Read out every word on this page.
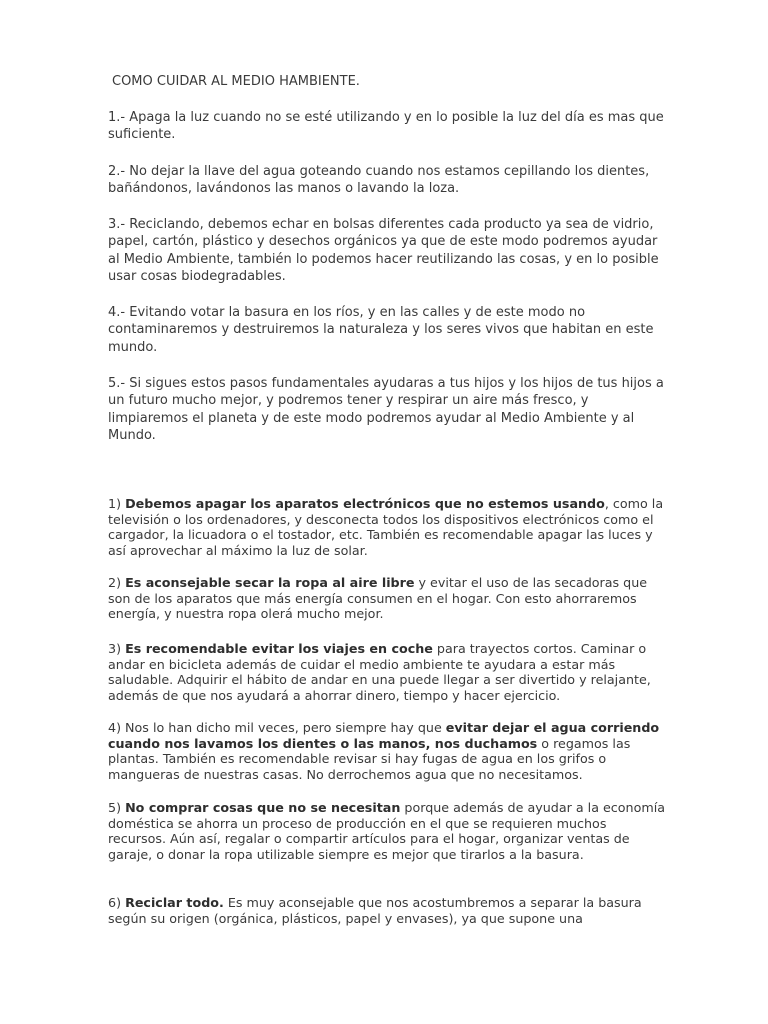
COMO CUIDAR AL MEDIO HAMBIENTE.

1.- Apaga la luz cuando no se esté utilizando y en lo posible la luz del día es mas que suficiente.

2.- No dejar la llave del agua goteando cuando nos estamos cepillando los dientes, bañándonos, lavándonos las manos o lavando la loza.

3.- Reciclando, debemos echar en bolsas diferentes cada producto ya sea de vidrio, papel, cartón, plástico y desechos orgánicos ya que de este modo podremos ayudar al Medio Ambiente, también lo podemos hacer reutilizando las cosas, y en lo posible usar cosas biodegradables.

4.- Evitando votar la basura en los ríos, y en las calles y de este modo no contaminaremos y destruiremos la naturaleza y los seres vivos que habitan en este mundo.

5.- Si sigues estos pasos fundamentales ayudaras a tus hijos y los hijos de tus hijos a un futuro mucho mejor, y podremos tener y respirar un aire más fresco, y limpiaremos el planeta y de este modo podremos ayudar al Medio Ambiente y al Mundo.

1) Debemos apagar los aparatos electrónicos que no estemos usando, como la televisión o los ordenadores, y desconecta todos los dispositivos electrónicos como el cargador, la licuadora o el tostador, etc. También es recomendable apagar las luces y así aprovechar al máximo la luz de solar.

2) Es aconsejable secar la ropa al aire libre y evitar el uso de las secadoras que son de los aparatos que más energía consumen en el hogar. Con esto ahorraremos energía, y nuestra ropa olerá mucho mejor.

3) Es recomendable evitar los viajes en coche para trayectos cortos. Caminar o andar en bicicleta además de cuidar el medio ambiente te ayudara a estar más saludable. Adquirir el hábito de andar en una puede llegar a ser divertido y relajante, además de que nos ayudará a ahorrar dinero, tiempo y hacer ejercicio.

4) Nos lo han dicho mil veces, pero siempre hay que evitar dejar el agua corriendo cuando nos lavamos los dientes o las manos, nos duchamos o regamos las plantas. También es recomendable revisar si hay fugas de agua en los grifos o mangueras de nuestras casas. No derrochemos agua que no necesitamos.

5) No comprar cosas que no se necesitan porque además de ayudar a la economía doméstica se ahorra un proceso de producción en el que se requieren muchos recursos. Aún así, regalar o compartir artículos para el hogar, organizar ventas de garaje, o donar la ropa utilizable siempre es mejor que tirarlos a la basura.

6) Reciclar todo. Es muy aconsejable que nos acostumbremos a separar la basura según su origen (orgánica, plásticos, papel y envases), ya que supone una
